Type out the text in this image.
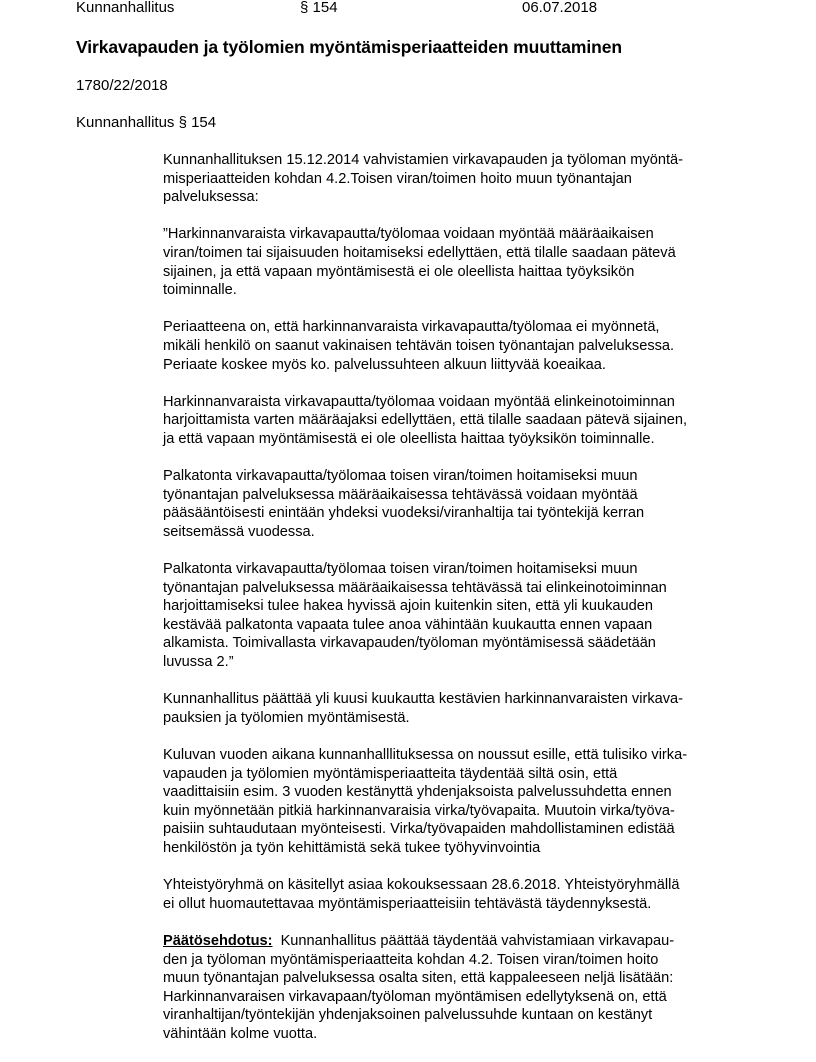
Kunnanhallitus	§ 154	06.07.2018
Virkavapauden ja työlomien myöntämisperiaatteiden muuttaminen
1780/22/2018
Kunnanhallitus § 154
Kunnanhallituksen 15.12.2014 vahvistamien virkavapauden ja työloman myöntä-
misperiaatteiden kohdan 4.2.Toisen viran/toimen hoito muun työnantajan
palveluksessa:
”Harkinnanvaraista virkavapautta/työlomaa voidaan myöntää määräaikaisen
viran/toimen tai sijaisuuden hoitamiseksi edellyttäen, että tilalle saadaan pätevä
sijainen, ja että vapaan myöntämisestä ei ole oleellista haittaa työyksikön
toiminnalle.
Periaatteena on, että harkinnanvaraista virkavapautta/työlomaa ei myönnetä,
mikäli henkilö on saanut vakinaisen tehtävän toisen työnantajan palveluksessa.
Periaate koskee myös ko. palvelussuhteen alkuun liittyvää koeaikaa.
Harkinnanvaraista virkavapautta/työlomaa voidaan myöntää elinkeinotoiminnan
harjoittamista varten määräajaksi edellyttäen, että tilalle saadaan pätevä sijainen,
ja että vapaan myöntämisestä ei ole oleellista haittaa työyksikön toiminnalle.
Palkatonta virkavapautta/työlomaa toisen viran/toimen hoitamiseksi muun
työnantajan palveluksessa määräaikaisessa tehtävässä voidaan myöntää
pääsääntöisesti enintään yhdeksi vuodeksi/viranhaltija tai työntekijä kerran
seitsemässä vuodessa.
Palkatonta virkavapautta/työlomaa toisen viran/toimen hoitamiseksi muun
työnantajan palveluksessa määräaikaisessa tehtävässä tai elinkeinotoiminnan
harjoittamiseksi tulee hakea hyvissä ajoin kuitenkin siten, että yli kuukauden
kestävää palkatonta vapaata tulee anoa vähintään kuukautta ennen vapaan
alkamista. Toimivallasta virkavapauden/työloman myöntämisessä säädetään
luvussa 2.”
Kunnanhallitus päättää yli kuusi kuukautta kestävien harkinnanvaraisten virkava-
pauksien ja työlomien myöntämisestä.
Kuluvan vuoden aikana kunnanhalllituksessa on noussut esille, että tulisiko virka-
vapauden ja työlomien myöntämisperiaatteita täydentää siltä osin, että
vaadittaisiin esim. 3 vuoden kestänyttä yhdenjaksoista palvelussuhdetta ennen
kuin myönnetään pitkiä harkinnanvaraisia virka/työvapaita. Muutoin virka/työva-
paisiin suhtaudutaan myönteisesti. Virka/työvapaiden mahdollistaminen edistää
henkilöstön ja työn kehittämistä sekä tukee työhyvinvointia
Yhteistyöryhmä on käsitellyt asiaa kokouksessaan 28.6.2018. Yhteistyöryhmällä
ei ollut huomautettavaa myöntämisperiaatteisiin tehtävästä täydennyksestä.
Päätösehdotus: Kunnanhallitus päättää täydentää vahvistamiaan virkavapau-
den ja työloman myöntämisperiaatteita kohdan 4.2. Toisen viran/toimen hoito
muun työnantajan palveluksessa osalta siten, että kappaleeseen neljä lisätään:
Harkinnanvaraisen virkavapaan/työloman myöntämisen edellytyksenä on, että
viranhaltijan/työntekijän yhdenjaksoinen palvelussuhde kuntaan on kestänyt
vähintään kolme vuotta.
